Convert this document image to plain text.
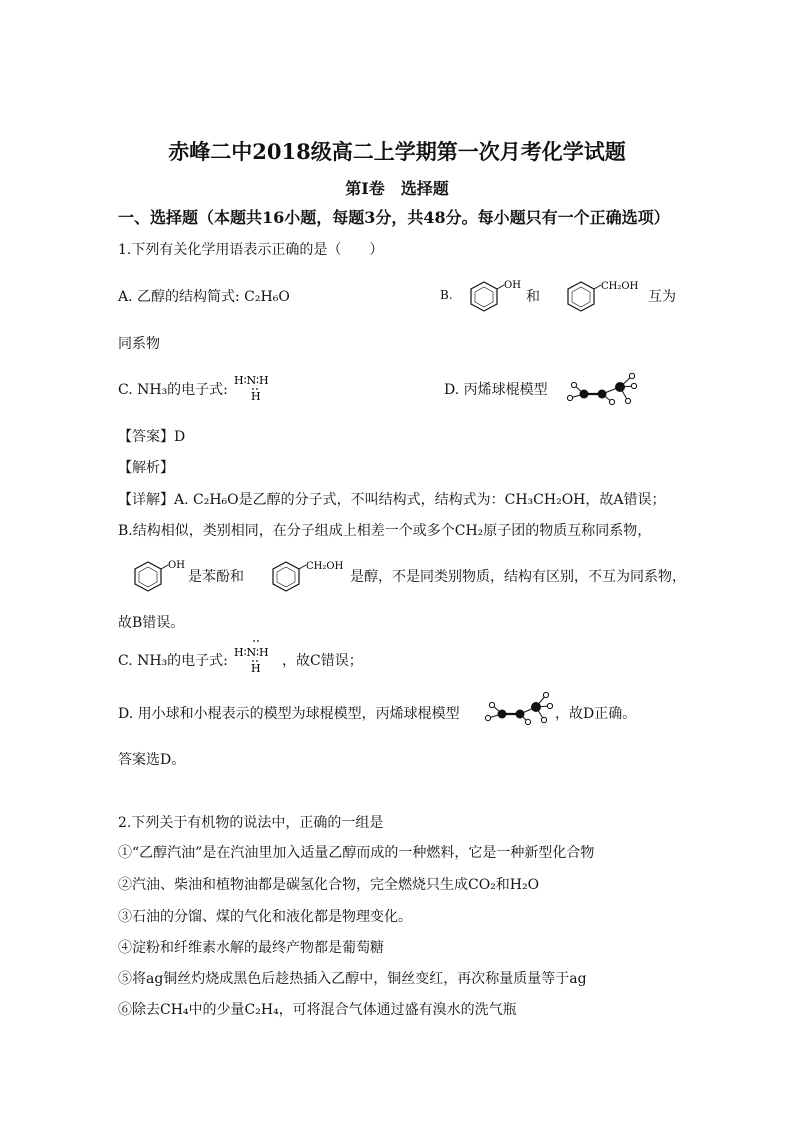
赤峰二中2018级高二上学期第一次月考化学试题
第Ⅰ卷　选择题
一、选择题（本题共16小题，每题3分，共48分。每小题只有一个正确选项）
1.下列有关化学用语表示正确的是（　　）
A. 乙醇的结构简式: C₂H₆O	B.
OH
和
CH₂OH
互为
同系物
C. NH₃的电子式:
H∶N∶H
H	D. 丙烯球棍模型
【答案】D
【解析】
【详解】A. C₂H₆O是乙醇的分子式，不叫结构式，结构式为：CH₃CH₂OH，故A错误；
B.结构相似，类别相同，在分子组成上相差一个或多个CH₂原子团的物质互称同系物，
OH
是苯酚和
CH₂OH
是醇，不是同类别物质，结构有区别，不互为同系物，
故B错误。
C. NH₃的电子式:
H∶N∶H
H ，故C错误；
D. 用小球和小棍表示的模型为球棍模型，丙烯球棍模型	，故D正确。
答案选D。
2.下列关于有机物的说法中，正确的一组是
①“乙醇汽油”是在汽油里加入适量乙醇而成的一种燃料，它是一种新型化合物
②汽油、柴油和植物油都是碳氢化合物，完全燃烧只生成CO₂和H₂O
③石油的分馏、煤的气化和液化都是物理变化。
④淀粉和纤维素水解的最终产物都是葡萄糖
⑤将ag铜丝灼烧成黑色后趁热插入乙醇中，铜丝变红，再次称量质量等于ag
⑥除去CH₄中的少量C₂H₄，可将混合气体通过盛有溴水的洗气瓶
